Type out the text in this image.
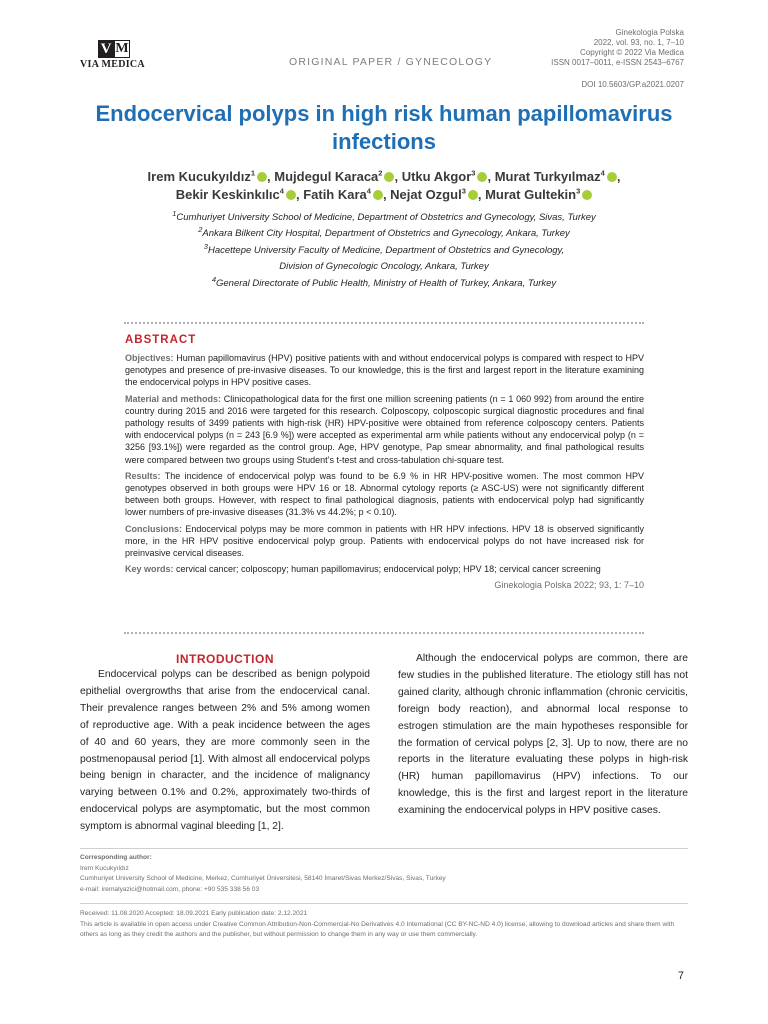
V M
VIA MEDICA	ORIGINAL PAPER / GYNECOLOGY
Ginekologia Polska
2022, vol. 93, no. 1, 7–10
Copyright © 2022 Via Medica
ISSN 0017–0011, e-ISSN 2543–6767
DOI 10.5603/GP.a2021.0207
Endocervical polyps in high risk human papillomavirus infections
Irem Kucukyıldız$^1$ , Mujdegul Karaca$^2$ , Utku Akgor$^3$ , Murat Turkyılmaz$^4$ ,
Bekir Keskinkılıc$^4$ , Fatih Kara$^4$ , Nejat Ozgul$^3$ , Murat Gultekin$^3$
$^1$Cumhuriyet University School of Medicine, Department of Obstetrics and Gynecology, Sivas, Turkey
$^2$Ankara Bilkent City Hospital, Department of Obstetrics and Gynecology, Ankara, Turkey
$^3$Hacettepe University Faculty of Medicine, Department of Obstetrics and Gynecology,
Division of Gynecologic Oncology, Ankara, Turkey
$^4$General Directorate of Public Health, Ministry of Health of Turkey, Ankara, Turkey
ABSTRACT

Objectives: Human papillomavirus (HPV) positive patients with and without endocervical polyps is compared with respect to HPV genotypes and presence of pre-invasive diseases. To our knowledge, this is the first and largest report in the literature examining the endocervical polyps in HPV positive cases.

Material and methods: Clinicopathological data for the first one million screening patients (n = 1 060 992) from around the entire country during 2015 and 2016 were targeted for this research. Colposcopy, colposcopic surgical diagnostic procedures and final pathology results of 3499 patients with high-risk (HR) HPV-positive were obtained from reference colposcopy centers. Patients with endocervical polyps (n = 243 [6.9 %]) were accepted as experimental arm while patients without any endocervical polyp (n = 3256 [93.1%]) were regarded as the control group. Age, HPV genotype, Pap smear abnormality, and final pathological results were compared between two groups using Student’s t-test and cross-tabulation chi-square test.

Results: The incidence of endocervical polyp was found to be 6.9 % in HR HPV-positive women. The most common HPV genotypes observed in both groups were HPV 16 or 18. Abnormal cytology reports (≥ ASC-US) were not significantly different between both groups. However, with respect to final pathological diagnosis, patients with endocervical polyp had significantly lower numbers of pre-invasive diseases (31.3% vs 44.2%; p < 0.10).

Conclusions: Endocervical polyps may be more common in patients with HR HPV infections. HPV 18 is observed significantly more, in the HR HPV positive endocervical polyp group. Patients with endocervical polyps do not have increased risk for preinvasive cervical diseases.

Key words: cervical cancer; colposcopy; human papillomavirus; endocervical polyp; HPV 18; cervical cancer screening

Ginekologia Polska 2022; 93, 1: 7–10
INTRODUCTION

Endocervical polyps can be described as benign polypoid epithelial overgrowths that arise from the endocervical canal. Their prevalence ranges between 2% and 5% among women of reproductive age. With a peak incidence between the ages of 40 and 60 years, they are more commonly seen in the postmenopausal period [1]. With almost all endocervical polyps being benign in character, and the incidence of malignancy varying between 0.1% and 0.2%, approximately two-thirds of endocervical polyps are asymptomatic, but the most common symptom is abnormal vaginal bleeding [1, 2].

Although the endocervical polyps are common, there are few studies in the published literature. The etiology still has not gained clarity, although chronic inflammation (chronic cervicitis, foreign body reaction), and abnormal local response to estrogen stimulation are the main hypotheses responsible for the formation of cervical polyps [2, 3]. Up to now, there are no reports in the literature evaluating these polyps in high-risk (HR) human papillomavirus (HPV) infections. To our knowledge, this is the first and largest report in the literature examining the endocervical polyps in HPV positive cases.

Corresponding author:
Irem Kucukyıldız
Cumhuriyet University School of Medicine, Merkez, Cumhuriyet Üniversitesi, 58140 İmaret/Sivas Merkez/Sivas, Sivas, Turkey
e-mail: iremalyazici@hotmail.com, phone: +90 535 338 56 03
Received: 11.08.2020 Accepted: 18.09.2021 Early publication date: 2.12.2021
This article is available in open access under Creative Common Attribution-Non-Commercial-No Derivatives 4.0 International (CC BY-NC-ND 4.0) license, allowing to download articles and share them with others as long as they credit the authors and the publisher, but without permission to change them in any way or use them commercially.
7
